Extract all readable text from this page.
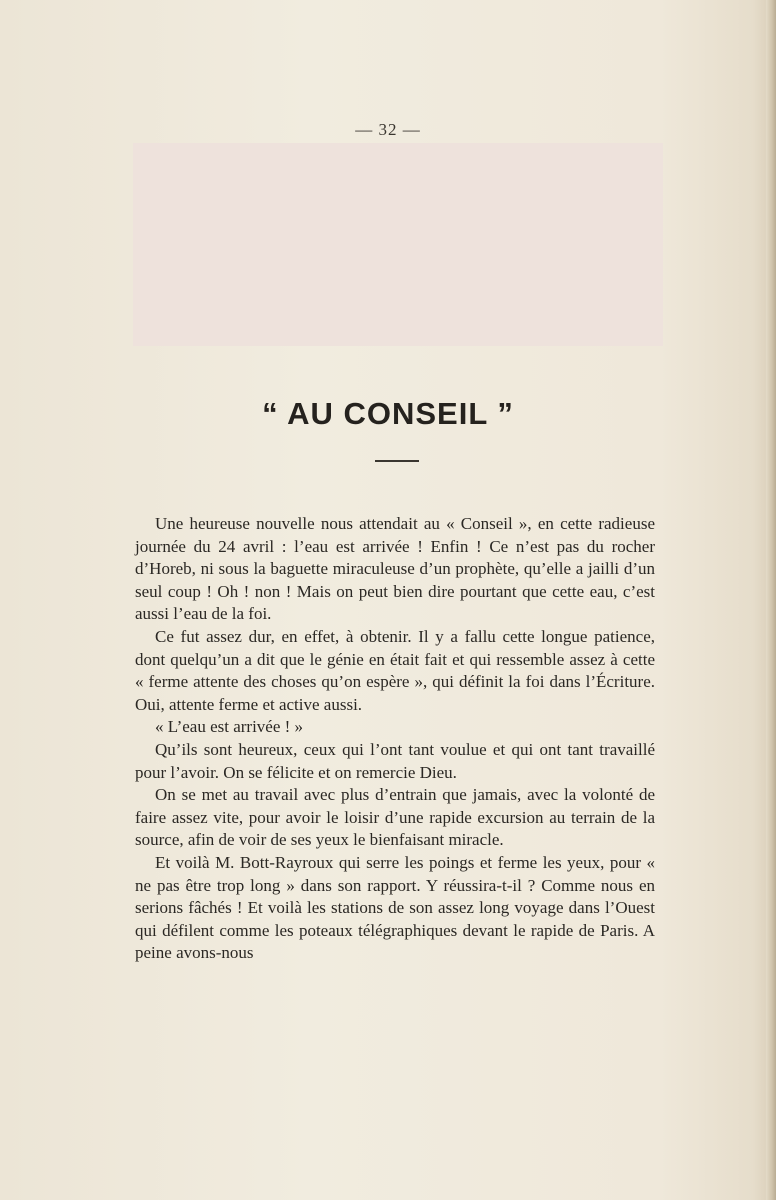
— 32 —
“ AU CONSEIL ”

Une heureuse nouvelle nous attendait au « Conseil », en cette radieuse journée du 24 avril : l’eau est arrivée ! Enfin ! Ce n’est pas du rocher d’Horeb, ni sous la baguette miraculeuse d’un prophète, qu’elle a jailli d’un seul coup ! Oh ! non ! Mais on peut bien dire pourtant que cette eau, c’est aussi l’eau de la foi.

Ce fut assez dur, en effet, à obtenir. Il y a fallu cette longue patience, dont quelqu’un a dit que le génie en était fait et qui ressemble assez à cette « ferme attente des choses qu’on espère », qui définit la foi dans l’Écriture. Oui, attente ferme et active aussi.

« L’eau est arrivée ! »

Qu’ils sont heureux, ceux qui l’ont tant voulue et qui ont tant travaillé pour l’avoir. On se félicite et on remercie Dieu.

On se met au travail avec plus d’entrain que jamais, avec la volonté de faire assez vite, pour avoir le loisir d’une rapide excursion au terrain de la source, afin de voir de ses yeux le bienfaisant miracle.

Et voilà M. Bott-Rayroux qui serre les poings et ferme les yeux, pour « ne pas être trop long » dans son rapport. Y réussira-t-il ? Comme nous en serions fâchés ! Et voilà les stations de son assez long voyage dans l’Ouest qui défilent comme les poteaux télégraphiques devant le rapide de Paris. A peine avons-nous
